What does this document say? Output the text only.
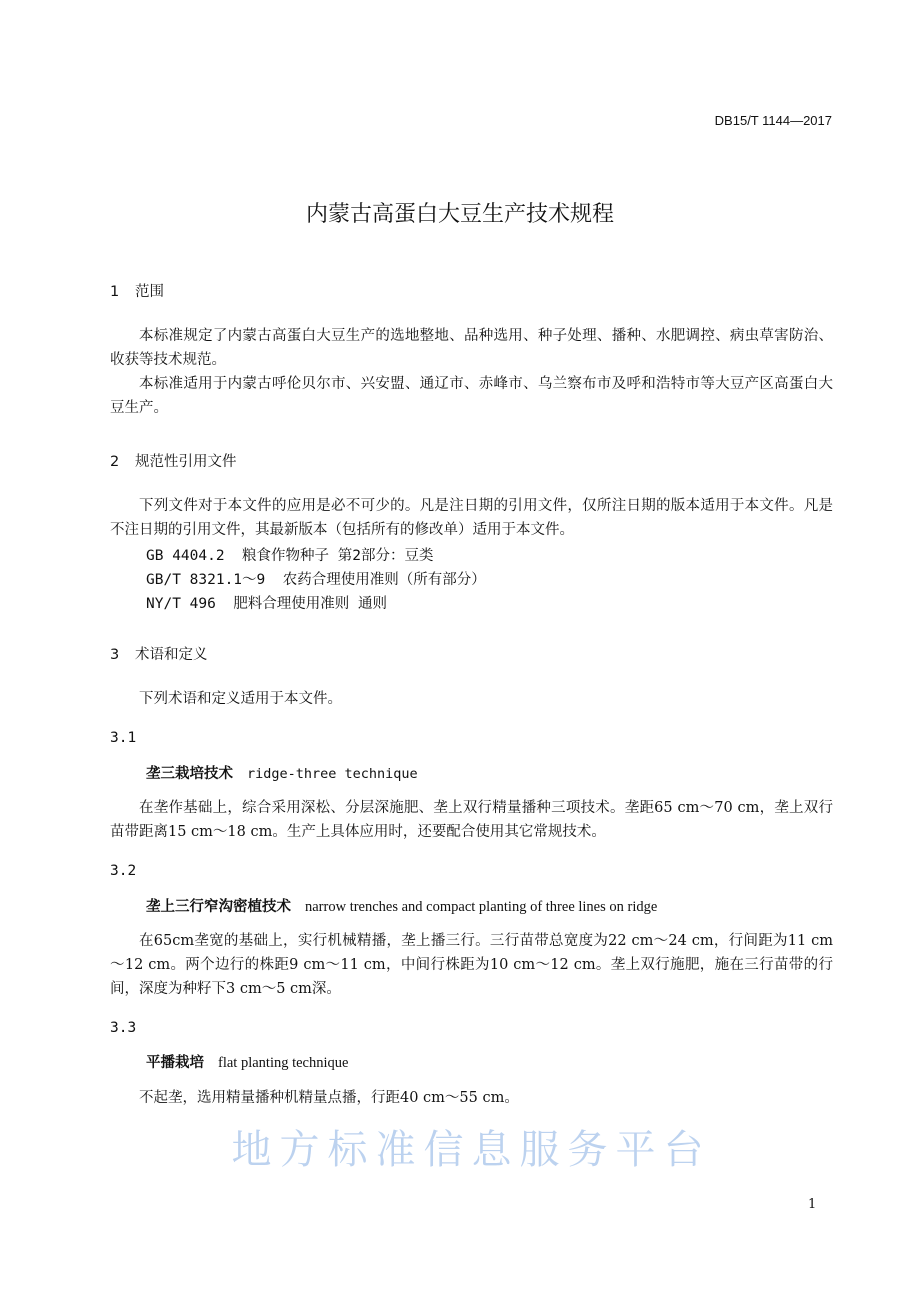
DB15/T 1144—2017
内蒙古高蛋白大豆生产技术规程
1 范围
本标准规定了内蒙古高蛋白大豆生产的选地整地、品种选用、种子处理、播种、水肥调控、病虫草害防治、收获等技术规范。
本标准适用于内蒙古呼伦贝尔市、兴安盟、通辽市、赤峰市、乌兰察布市及呼和浩特市等大豆产区高蛋白大豆生产。
2 规范性引用文件
下列文件对于本文件的应用是必不可少的。凡是注日期的引用文件，仅所注日期的版本适用于本文件。凡是不注日期的引用文件，其最新版本（包括所有的修改单）适用于本文件。
GB 4404.2 粮食作物种子 第2部分：豆类
GB/T 8321.1～9 农药合理使用准则（所有部分）
NY/T 496 肥料合理使用准则 通则
3 术语和定义
下列术语和定义适用于本文件。
3.1
垄三栽培技术 ridge-three technique
在垄作基础上，综合采用深松、分层深施肥、垄上双行精量播种三项技术。垄距65 cm～70 cm，垄上双行苗带距离15 cm～18 cm。生产上具体应用时，还要配合使用其它常规技术。
3.2
垄上三行窄沟密植技术 narrow trenches and compact planting of three lines on ridge
在65cm垄宽的基础上，实行机械精播，垄上播三行。三行苗带总宽度为22 cm～24 cm，行间距为11 cm～12 cm。两个边行的株距9 cm～11 cm，中间行株距为10 cm～12 cm。垄上双行施肥，施在三行苗带的行间，深度为种籽下3 cm～5 cm深。
3.3
平播栽培 flat planting technique
不起垄，选用精量播种机精量点播，行距40 cm～55 cm。
地方标准信息服务平台
1
